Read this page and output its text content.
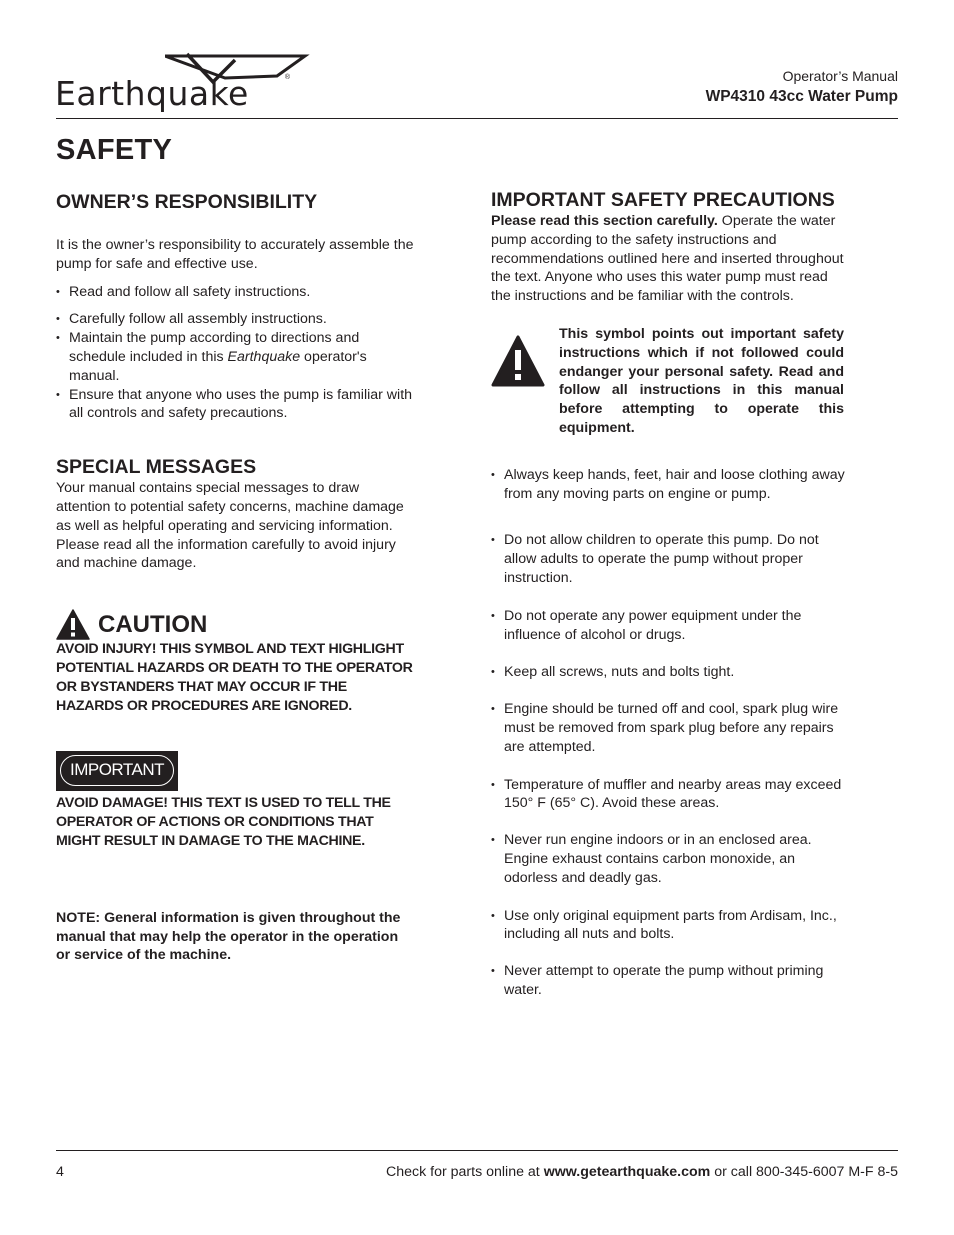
Earthquake	®	Operator’s Manual
WP4310 43cc Water Pump
SAFETY
OWNER’S RESPONSIBILITY

It is the owner’s responsibility to accurately assemble the pump for safe and effective use.

• Read and follow all safety instructions.
• Carefully follow all assembly instructions.
• Maintain the pump according to directions and schedule included in this Earthquake operator's manual.
• Ensure that anyone who uses the pump is familiar with all controls and safety precautions.
SPECIAL MESSAGES

Your manual contains special messages to draw attention to potential safety concerns, machine damage as well as helpful operating and servicing information. Please read all the information carefully to avoid injury and machine damage.

CAUTION

AVOID INJURY! THIS SYMBOL AND TEXT HIGHLIGHT POTENTIAL HAZARDS OR DEATH TO THE OPERATOR OR BYSTANDERS THAT MAY OCCUR IF THE HAZARDS OR PROCEDURES ARE IGNORED.

IMPORTANT

AVOID DAMAGE! THIS TEXT IS USED TO TELL THE OPERATOR OF ACTIONS OR CONDITIONS THAT MIGHT RESULT IN DAMAGE TO THE MACHINE.

NOTE: General information is given throughout the manual that may help the operator in the operation or service of the machine.

IMPORTANT SAFETY PRECAUTIONS

Please read this section carefully. Operate the water pump according to the safety instructions and recommendations outlined here and inserted throughout the text. Anyone who uses this water pump must read the instructions and be familiar with the controls.

This symbol points out important safety instructions which if not followed could endanger your personal safety. Read and follow all instructions in this manual before attempting to operate this equipment.

• Always keep hands, feet, hair and loose clothing away from any moving parts on engine or pump.
• Do not allow children to operate this pump. Do not allow adults to operate the pump without proper instruction.
• Do not operate any power equipment under the influence of alcohol or drugs.
• Keep all screws, nuts and bolts tight.
• Engine should be turned off and cool, spark plug wire must be removed from spark plug before any repairs are attempted.
• Temperature of muffler and nearby areas may exceed 150° F (65° C). Avoid these areas.
• Never run engine indoors or in an enclosed area. Engine exhaust contains carbon monoxide, an odorless and deadly gas.
• Use only original equipment parts from Ardisam, Inc., including all nuts and bolts.
• Never attempt to operate the pump without priming water.
4	Check for parts online at www.getearthquake.com or call 800-345-6007 M-F 8-5
